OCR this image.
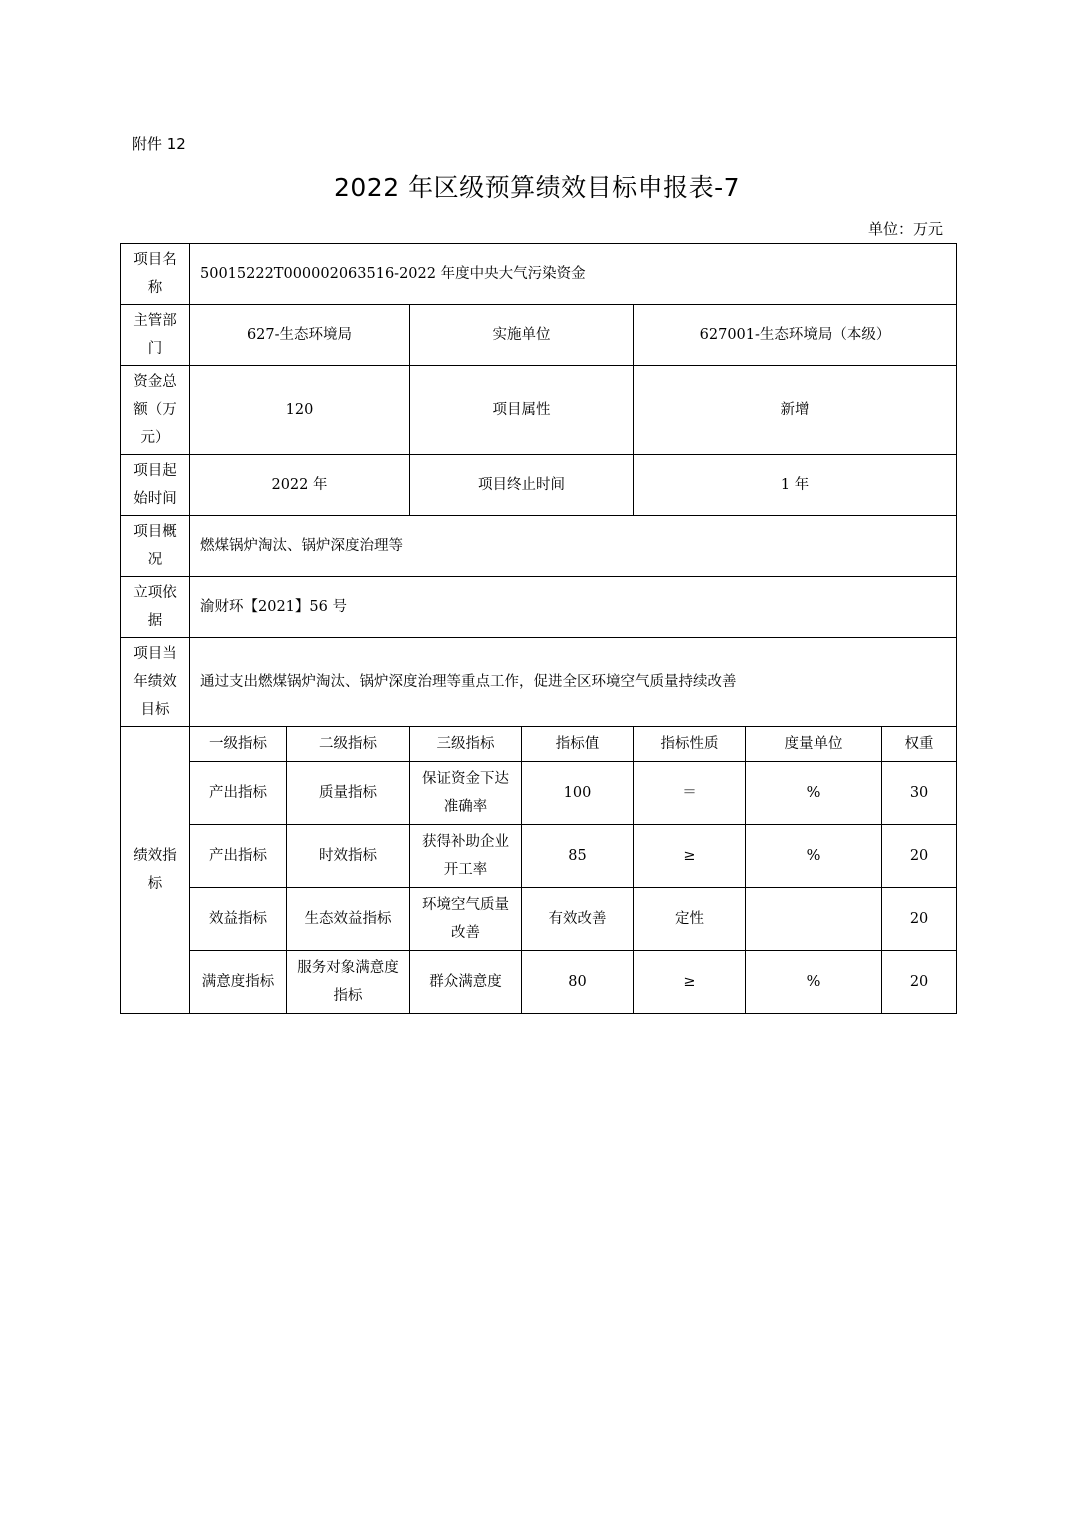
附件 12
2022 年区级预算绩效目标申报表-7
单位：万元
项目名称	50015222T000002063516-2022 年度中央大气污染资金						
主管部门	627-生态环境局		实施单位		627001-生态环境局（本级）		
资金总额（万元）	120		项目属性		新增		
项目起始时间	2022 年		项目终止时间		1 年		
项目概况	燃煤锅炉淘汰、锅炉深度治理等						
立项依据	渝财环【2021】56 号						
项目当年绩效目标	通过支出燃煤锅炉淘汰、锅炉深度治理等重点工作，促进全区环境空气质量持续改善						
绩效指标	一级指标	二级指标	三级指标	指标值	指标性质	度量单位	权重
	产出指标	质量指标	保证资金下达准确率	100	＝	%	30
	产出指标	时效指标	获得补助企业开工率	85	≥	%	20
	效益指标	生态效益指标	环境空气质量改善	有效改善	定性		20
	满意度指标	服务对象满意度指标	群众满意度	80	≥	%	20
